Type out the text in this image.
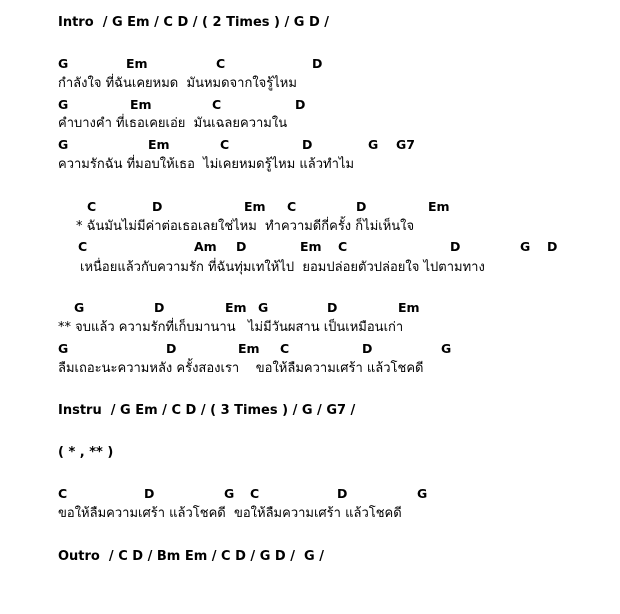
Intro  / G Em / C D / ( 2 Times ) / G D /

G

	Em

	C

	D

กำลังใจ ที่ฉันเคยหมด  มันหมดจากใจรู้ไหม

G

	Em

	C

	D

คำบางคำ ที่เธอเคยเอ่ย  มันเฉลยความใน

G

	Em

	C

	D

	G

G7

ความรักฉัน ที่มอบให้เธอ  ไม่เคยหมดรู้ไหม แล้วทำไม

C

	D

	Em

C

	D

	Em

* ฉันมันไม่มีค่าต่อเธอเลยใช่ไหม  ทำความดีกี่ครั้ง ก็ไม่เห็นใจ

C

	Am

D

	Em

C

	D

	G

D

เหนื่อยแล้วกับความรัก ที่ฉันทุ่มเทให้ไป  ยอมปล่อยตัวปล่อยใจ ไปตามทาง

G

	D

	Em

G

	D

	Em

** จบแล้ว ความรักที่เก็บมานาน   ไม่มีวันผสาน เป็นเหมือนเก่า

G

	D

	Em

C

	D

	G

ลืมเถอะนะความหลัง ครั้งสองเรา    ขอให้ลืมความเศร้า แล้วโชคดี
Instru  / G Em / C D / ( 3 Times ) / G / G7 /
( * , ** )

C

	D

	G

C

	D

	G

ขอให้ลืมความเศร้า แล้วโชคดี  ขอให้ลืมความเศร้า แล้วโชคดี
Outro  / C D / Bm Em / C D / G D /  G /
